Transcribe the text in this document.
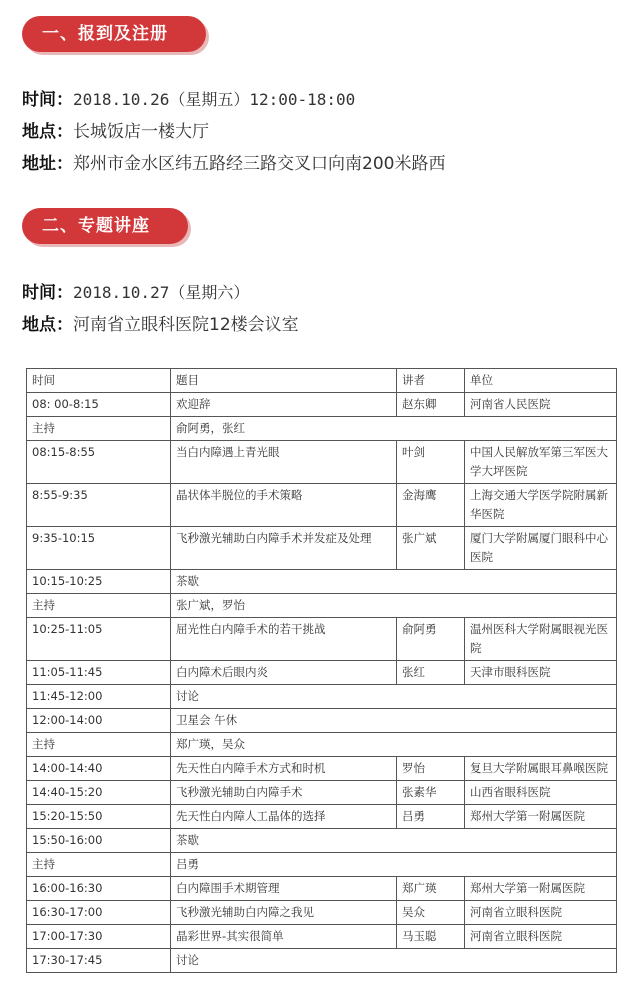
一、报到及注册
时间：2018.10.26（星期五）12:00-18:00
地点：长城饭店一楼大厅
地址：郑州市金水区纬五路经三路交叉口向南200米路西
二、专题讲座
时间：2018.10.27（星期六）
地点：河南省立眼科医院12楼会议室
时间	题目	讲者	单位
08: 00-8:15	欢迎辞	赵东卿	河南省人民医院
主持	俞阿勇，张红		
08:15-8:55	当白内障遇上青光眼	叶剑	中国人民解放军第三军医大学大坪医院
8:55-9:35	晶状体半脱位的手术策略	金海鹰	上海交通大学医学院附属新华医院
9:35-10:15	飞秒激光辅助白内障手术并发症及处理	张广斌	厦门大学附属厦门眼科中心医院
10:15-10:25	茶歇		
主持	张广斌，罗怡		
10:25-11:05	屈光性白内障手术的若干挑战	俞阿勇	温州医科大学附属眼视光医院
11:05-11:45	白内障术后眼内炎	张红	天津市眼科医院
11:45-12:00	讨论		
12:00-14:00	卫星会 午休		
主持	郑广瑛，吴众		
14:00-14:40	先天性白内障手术方式和时机	罗怡	复旦大学附属眼耳鼻喉医院
14:40-15:20	飞秒激光辅助白内障手术	张素华	山西省眼科医院
15:20-15:50	先天性白内障人工晶体的选择	吕勇	郑州大学第一附属医院
15:50-16:00	茶歇		
主持	吕勇		
16:00-16:30	白内障围手术期管理	郑广瑛	郑州大学第一附属医院
16:30-17:00	飞秒激光辅助白内障之我见	吴众	河南省立眼科医院
17:00-17:30	晶彩世界-其实很简单	马玉聪	河南省立眼科医院
17:30-17:45	讨论		
